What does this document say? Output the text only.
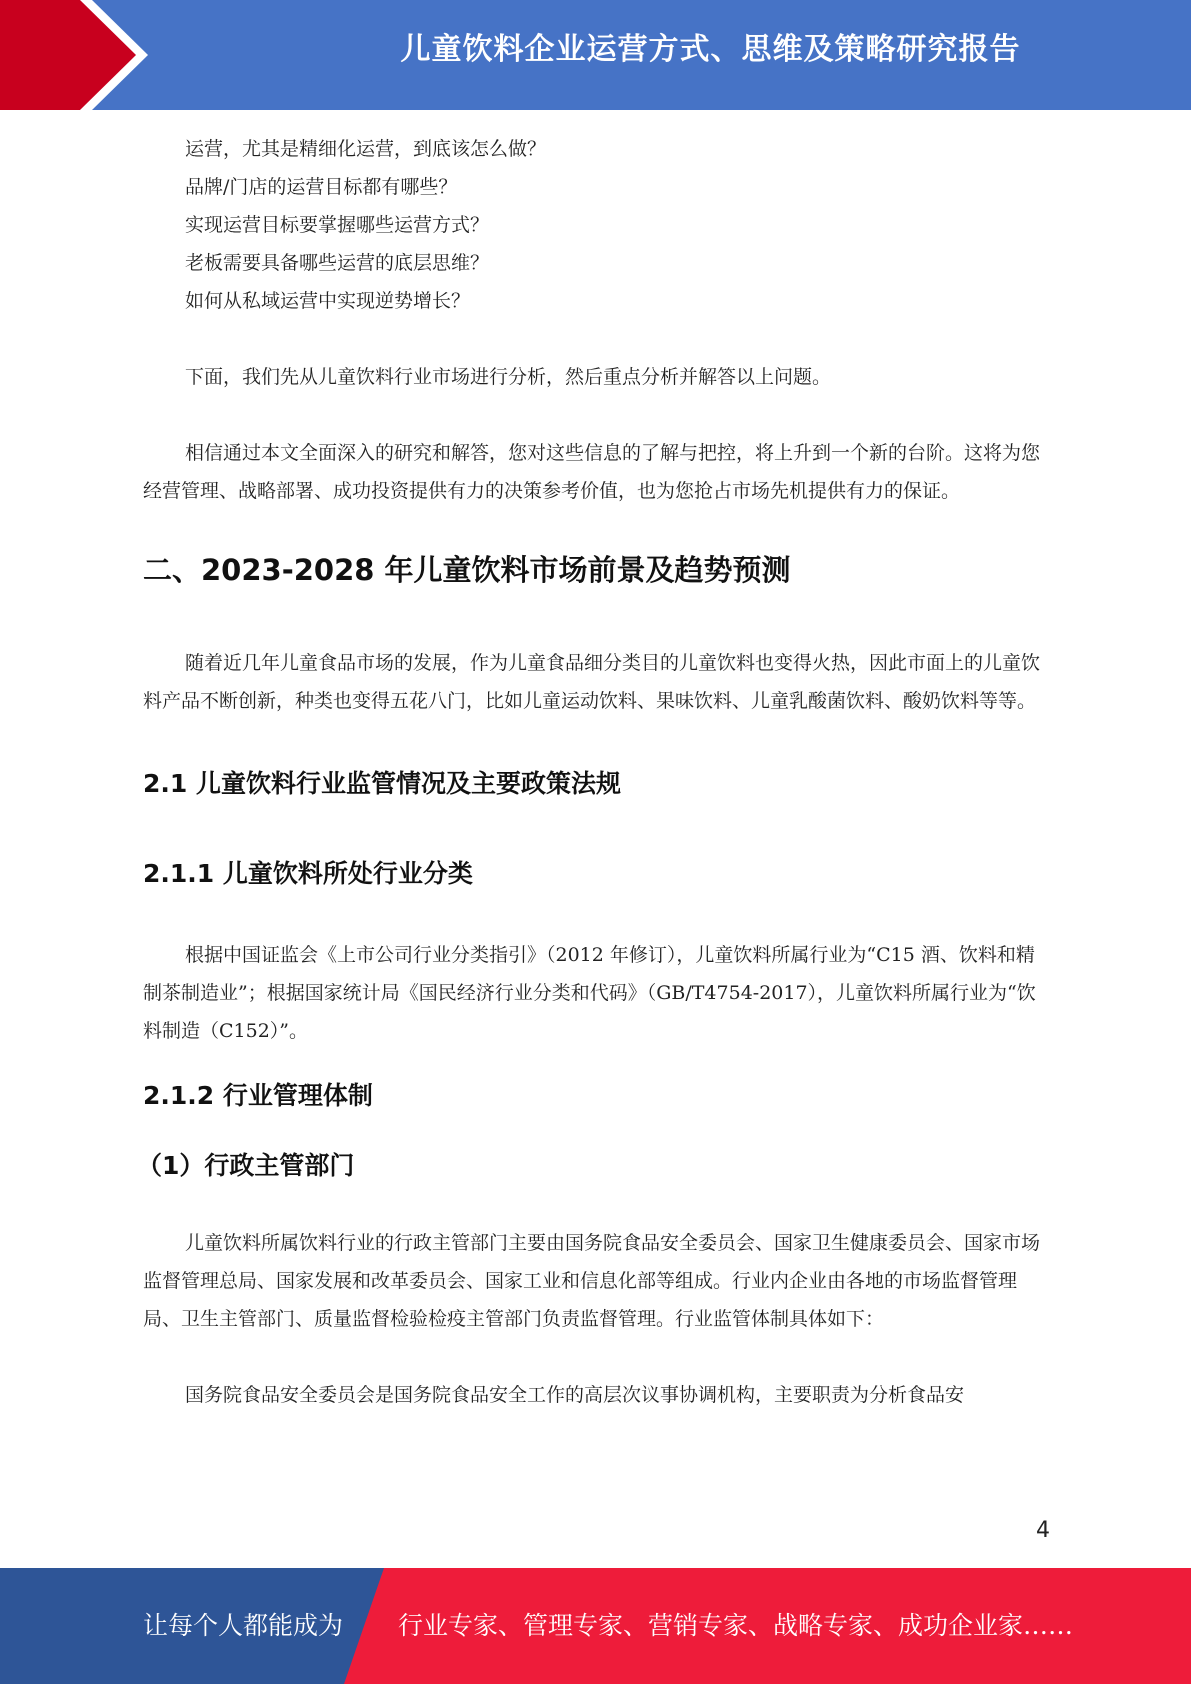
儿童饮料企业运营方式、思维及策略研究报告

运营，尤其是精细化运营，到底该怎么做？

品牌/门店的运营目标都有哪些？

实现运营目标要掌握哪些运营方式？

老板需要具备哪些运营的底层思维？

如何从私域运营中实现逆势增长？

下面，我们先从儿童饮料行业市场进行分析，然后重点分析并解答以上问题。

相信通过本文全面深入的研究和解答，您对这些信息的了解与把控，将上升到一个新的台阶。这将为您经营管理、战略部署、成功投资提供有力的决策参考价值，也为您抢占市场先机提供有力的保证。

二、2023-2028 年儿童饮料市场前景及趋势预测

随着近几年儿童食品市场的发展，作为儿童食品细分类目的儿童饮料也变得火热，因此市面上的儿童饮料产品不断创新，种类也变得五花八门，比如儿童运动饮料、果味饮料、儿童乳酸菌饮料、酸奶饮料等等。

2.1 儿童饮料行业监管情况及主要政策法规
2.1.1 儿童饮料所处行业分类

根据中国证监会《上市公司行业分类指引》（2012 年修订），儿童饮料所属行业为“C15 酒、饮料和精制茶制造业”；根据国家统计局《国民经济行业分类和代码》（GB/T4754-2017），儿童饮料所属行业为“饮料制造（C152）”。

2.1.2 行业管理体制
（1）行政主管部门

儿童饮料所属饮料行业的行政主管部门主要由国务院食品安全委员会、国家卫生健康委员会、国家市场监督管理总局、国家发展和改革委员会、国家工业和信息化部等组成。行业内企业由各地的市场监督管理局、卫生主管部门、质量监督检验检疫主管部门负责监督管理。行业监管体制具体如下：

国务院食品安全委员会是国务院食品安全工作的高层次议事协调机构，主要职责为分析食品安

4
让每个人都能成为 行业专家、管理专家、营销专家、战略专家、成功企业家……
